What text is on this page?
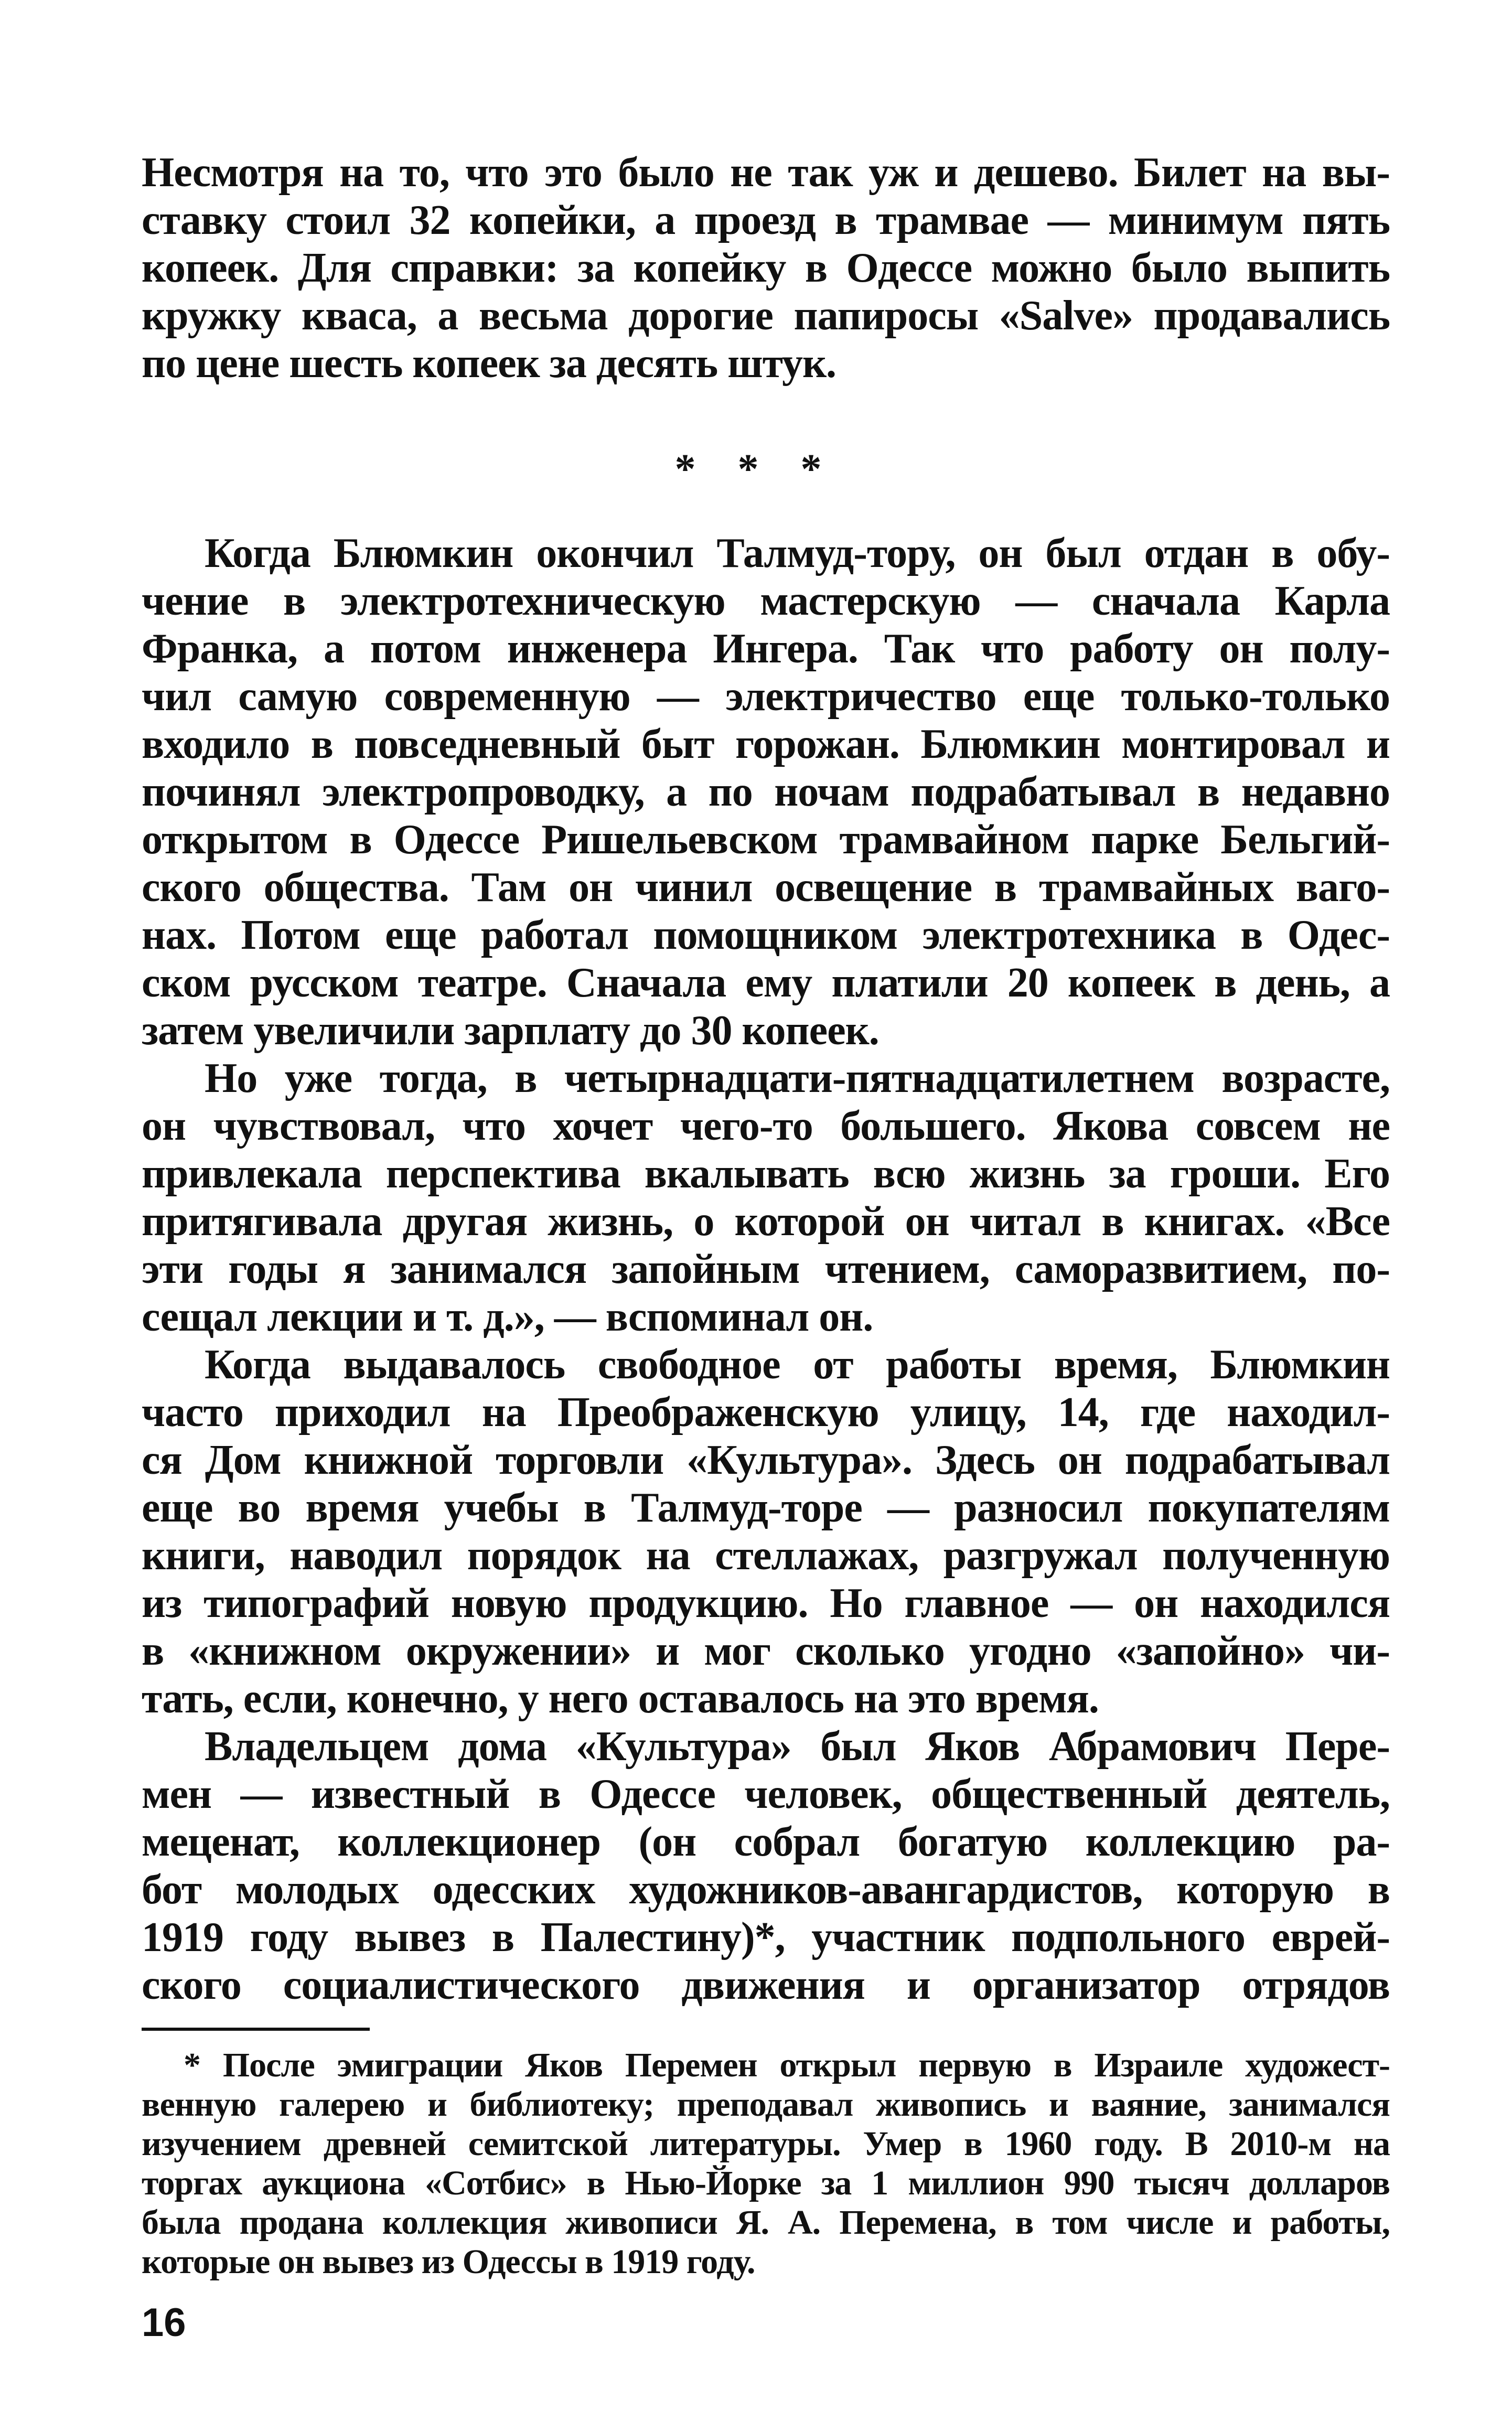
Несмотря на то, что это было не так уж и дешево. Билет на вы-
ставку стоил 32 копейки, а проезд в трамвае — минимум пять
копеек. Для справки: за копейку в Одессе можно было выпить
кружку кваса, а весьма дорогие папиросы «Salve» продавались
по цене шесть копеек за десять штук.
* * *
Когда Блюмкин окончил Талмуд-тору, он был отдан в обу-
чение в электротехническую мастерскую — сначала Карла
Франка, а потом инженера Ингера. Так что работу он полу-
чил самую современную — электричество еще только-только
входило в повседневный быт горожан. Блюмкин монтировал и
починял электропроводку, а по ночам подрабатывал в недавно
открытом в Одессе Ришельевском трамвайном парке Бельгий-
ского общества. Там он чинил освещение в трамвайных ваго-
нах. Потом еще работал помощником электротехника в Одес-
ском русском театре. Сначала ему платили 20 копеек в день, а
затем увеличили зарплату до 30 копеек.
Но уже тогда, в четырнадцати-пятнадцатилетнем возрасте,
он чувствовал, что хочет чего-то большего. Якова совсем не
привлекала перспектива вкалывать всю жизнь за гроши. Его
притягивала другая жизнь, о которой он читал в книгах. «Все
эти годы я занимался запойным чтением, саморазвитием, по-
сещал лекции и т. д.», — вспоминал он.
Когда выдавалось свободное от работы время, Блюмкин
часто приходил на Преображенскую улицу, 14, где находил-
ся Дом книжной торговли «Культура». Здесь он подрабатывал
еще во время учебы в Талмуд-торе — разносил покупателям
книги, наводил порядок на стеллажах, разгружал полученную
из типографий новую продукцию. Но главное — он находился
в «книжном окружении» и мог сколько угодно «запойно» чи-
тать, если, конечно, у него оставалось на это время.
Владельцем дома «Культура» был Яков Абрамович Пере-
мен — известный в Одессе человек, общественный деятель,
меценат, коллекционер (он собрал богатую коллекцию ра-
бот молодых одесских художников-авангардистов, которую в
1919 году вывез в Палестину)*, участник подпольного еврей-
ского социалистического движения и организатор отрядов
* После эмиграции Яков Перемен открыл первую в Израиле художест-
венную галерею и библиотеку; преподавал живопись и ваяние, занимался
изучением древней семитской литературы. Умер в 1960 году. В 2010-м на
торгах аукциона «Сотбис» в Нью-Йорке за 1 миллион 990 тысяч долларов
была продана коллекция живописи Я. А. Перемена, в том числе и работы,
которые он вывез из Одессы в 1919 году.
16
